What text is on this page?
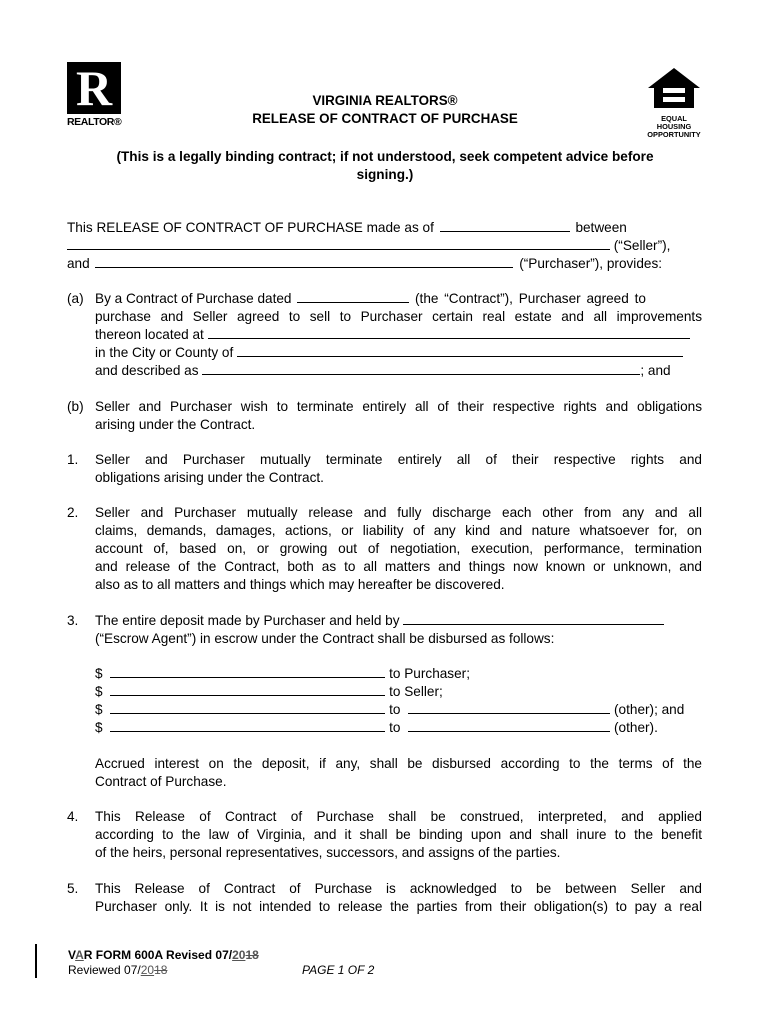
R
REALTOR®	EQUAL HOUSING
OPPORTUNITY
VIRGINIA REALTORS®
RELEASE OF CONTRACT OF PURCHASE
(This is a legally binding contract; if not understood, seek competent advice before
signing.)
This RELEASE OF CONTRACT OF PURCHASE made as of	between
(“Seller”),
and	(“Purchaser”), provides:
(a) By a Contract of Purchase dated	(the “Contract”), Purchaser agreed to
purchase and Seller agreed to sell to Purchaser certain real estate and all improvements
thereon located at
in the City or County of
and described as	; and
(b) Seller and Purchaser wish to terminate entirely all of their respective rights and obligations
arising under the Contract.
1. Seller and Purchaser mutually terminate entirely all of their respective rights and
obligations arising under the Contract.
2. Seller and Purchaser mutually release and fully discharge each other from any and all
claims, demands, damages, actions, or liability of any kind and nature whatsoever for, on
account of, based on, or growing out of negotiation, execution, performance, termination
and release of the Contract, both as to all matters and things now known or unknown, and
also as to all matters and things which may hereafter be discovered.
3. The entire deposit made by Purchaser and held by
(“Escrow Agent”) in escrow under the Contract shall be disbursed as follows:
$	to Purchaser;
$	to Seller;
$	to	(other); and
$	to	(other).
Accrued interest on the deposit, if any, shall be disbursed according to the terms of the
Contract of Purchase.
4. This Release of Contract of Purchase shall be construed, interpreted, and applied
according to the law of Virginia, and it shall be binding upon and shall inure to the benefit
of the heirs, personal representatives, successors, and assigns of the parties.
5. This Release of Contract of Purchase is acknowledged to be between Seller and
Purchaser only. It is not intended to release the parties from their obligation(s) to pay a real
VAR FORM 600A Revised 07/2018
Reviewed 07/2018	PAGE 1 OF 2
